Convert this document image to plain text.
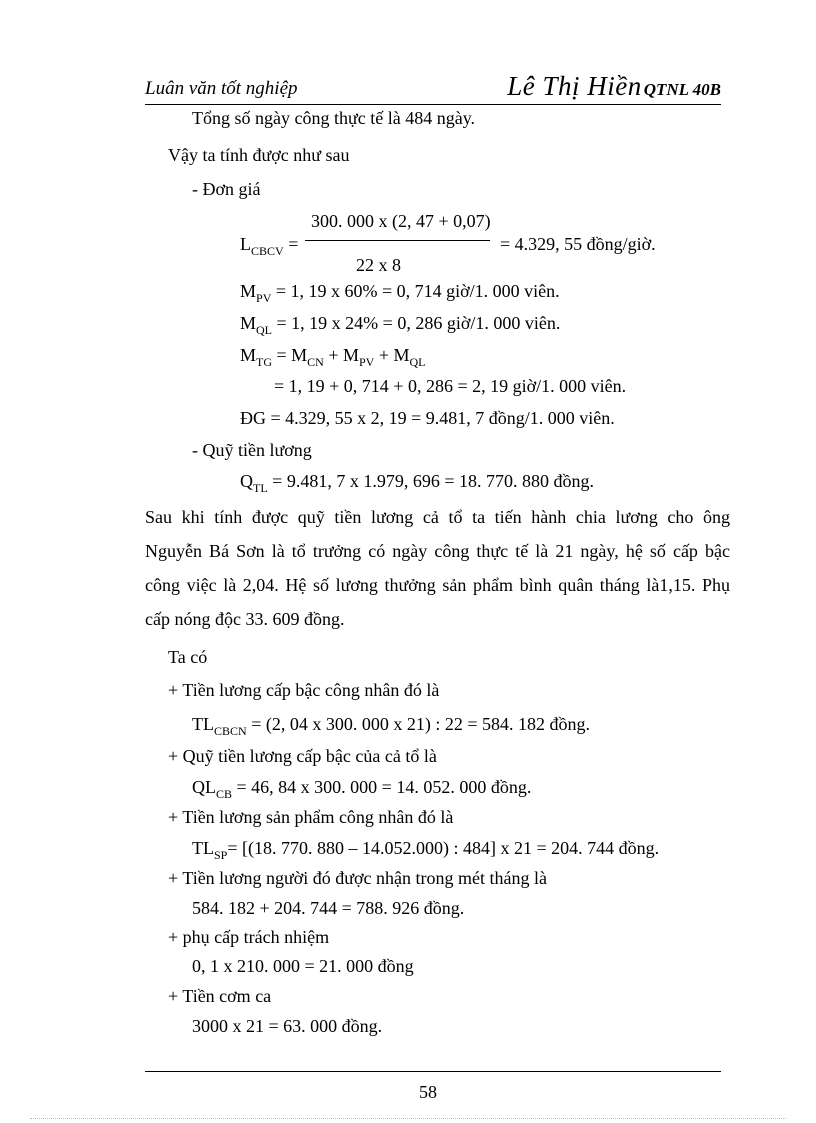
Luân văn tốt nghiệp	Lê Thị Hiền QTNL 40B
Tổng số ngày công thực tế là 484 ngày.
Vậy ta tính được như sau
- Đơn giá
300. 000 x (2, 47 + 0,07)
$L_{CBCV}$ =	= 4.329, 55 đồng/giờ.
22 x 8
$M_{PV} = 1$, 19 x 60% = 0, 714 giờ/1. 000 viên.
$M_{QL} = 1$, 19 x 24% = 0, 286 giờ/1. 000 viên.
$M_{TG} = M_{CN} + M_{PV} + M_{QL}$
= 1, 19 + 0, 714 + 0, 286 = 2, 19 giờ/1. 000 viên.
ĐG = 4.329, 55 x 2, 19 = 9.481, 7 đồng/1. 000 viên.
- Quỹ tiền lương
$Q_{TL} = 9.481$, 7 x 1.979, 696 = 18. 770. 880 đồng.
Sau khi tính được quỹ tiền lương cả tổ ta tiến hành chia lương cho ông
Nguyễn Bá Sơn là tổ trưởng có ngày công thực tế là 21 ngày, hệ số cấp bậc
công việc là 2,04. Hệ số lương thưởng sản phẩm bình quân tháng là1,15. Phụ
cấp nóng độc 33. 609 đồng.
Ta có
+ Tiền lương cấp bậc công nhân đó là
$TL_{CBCN} = (2$, 04 x 300. 000 x 21) : 22 = 584. 182 đồng.
+ Quỹ tiền lương cấp bậc của cả tổ là
$QL_{CB} = 46$, 84 x 300. 000 = 14. 052. 000 đồng.
+ Tiền lương sản phẩm công nhân đó là
$TL_{SP}= [(18$. 770. 880 – 14.052.000) : 484] x 21 = 204. 744 đồng.
+ Tiền lương người đó được nhận trong mét tháng là
584. 182 + 204. 744 = 788. 926 đồng.
+ phụ cấp trách nhiệm
0, 1 x 210. 000 = 21. 000 đồng
+ Tiền cơm ca
3000 x 21 = 63. 000 đồng.
58
